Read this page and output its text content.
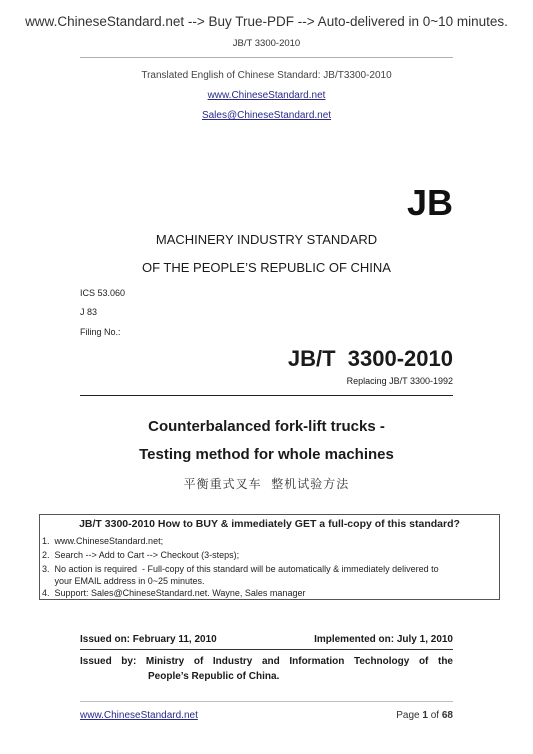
www.ChineseStandard.net --> Buy True-PDF --> Auto-delivered in 0~10 minutes.
JB/T 3300-2010
Translated English of Chinese Standard: JB/T3300-2010
www.ChineseStandard.net
Sales@ChineseStandard.net
JB
MACHINERY INDUSTRY STANDARD
OF THE PEOPLE’S REPUBLIC OF CHINA
ICS 53.060
J 83
Filing No.:
JB/T  3300-2010
Replacing JB/T 3300-1992
Counterbalanced fork-lift trucks -
Testing method for whole machines
平衡重式叉车  整机试验方法
JB/T 3300-2010 How to BUY & immediately GET a full-copy of this standard?
1.  www.ChineseStandard.net;
2.  Search --> Add to Cart --> Checkout (3-steps);
3.  No action is required  - Full-copy of this standard will be automatically & immediately delivered to
your EMAIL address in 0~25 minutes.
4.  Support: Sales@ChineseStandard.net. Wayne, Sales manager
Issued on: February 11, 2010	Implemented on: July 1, 2010
Issued by: Ministry of Industry and Information Technology of the
People’s Republic of China.
www.ChineseStandard.net	Page 1 of 68
